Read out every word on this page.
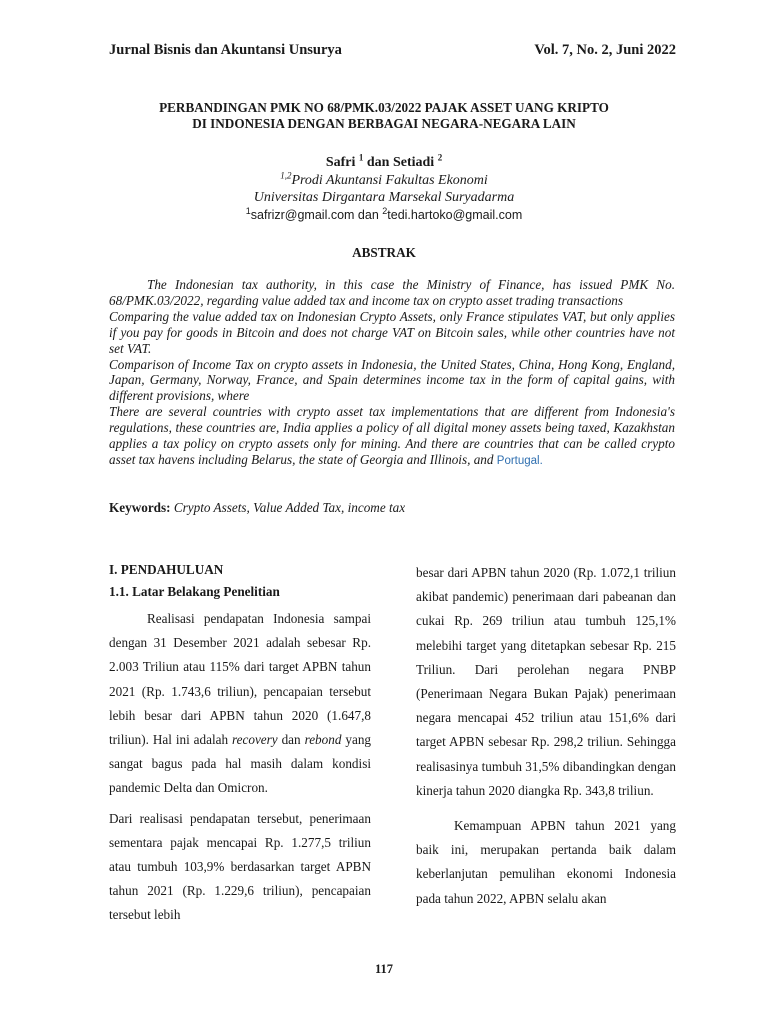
Jurnal Bisnis dan Akuntansi Unsurya	Vol. 7, No. 2, Juni 2022
PERBANDINGAN PMK NO 68/PMK.03/2022 PAJAK ASSET UANG KRIPTO
DI INDONESIA DENGAN BERBAGAI NEGARA-NEGARA LAIN
Safri $^1$ dan Setiadi $^2$
$^{1,2}$Prodi Akuntansi Fakultas Ekonomi
Universitas Dirgantara Marsekal Suryadarma
$^1$safrizr@gmail.com dan $^2$tedi.hartoko@gmail.com
ABSTRAK

The Indonesian tax authority, in this case the Ministry of Finance, has issued PMK No. 68/PMK.03/2022, regarding value added tax and income tax on crypto asset trading transactions

Comparing the value added tax on Indonesian Crypto Assets, only France stipulates VAT, but only applies if you pay for goods in Bitcoin and does not charge VAT on Bitcoin sales, while other countries have not set VAT.

Comparison of Income Tax on crypto assets in Indonesia, the United States, China, Hong Kong, England, Japan, Germany, Norway, France, and Spain determines income tax in the form of capital gains, with different provisions, where

There are several countries with crypto asset tax implementations that are different from Indonesia's regulations, these countries are, India applies a policy of all digital money assets being taxed, Kazakhstan applies a tax policy on crypto assets only for mining. And there are countries that can be called crypto asset tax havens including Belarus, the state of Georgia and Illinois, and Portugal.

Keywords: Crypto Assets, Value Added Tax, income tax
I. PENDAHULUAN
1.1. Latar Belakang Penelitian

Realisasi pendapatan Indonesia sampai dengan 31 Desember 2021 adalah sebesar Rp. 2.003 Triliun atau 115% dari target APBN tahun 2021 (Rp. 1.743,6 triliun), pencapaian tersebut lebih besar dari APBN tahun 2020 (1.647,8 triliun). Hal ini adalah recovery dan rebond yang sangat bagus pada hal masih dalam kondisi pandemic Delta dan Omicron.

Dari realisasi pendapatan tersebut, penerimaan sementara pajak mencapai Rp. 1.277,5 triliun atau tumbuh 103,9% berdasarkan target APBN tahun 2021 (Rp. 1.229,6 triliun), pencapaian tersebut lebih

besar dari APBN tahun 2020 (Rp. 1.072,1 triliun akibat pandemic) penerimaan dari pabeanan dan cukai Rp. 269 triliun atau tumbuh 125,1% melebihi target yang ditetapkan sebesar Rp. 215 Triliun. Dari perolehan negara PNBP (Penerimaan Negara Bukan Pajak) penerimaan negara mencapai 452 triliun atau 151,6% dari target APBN sebesar Rp. 298,2 triliun. Sehingga realisasinya tumbuh 31,5% dibandingkan dengan kinerja tahun 2020 diangka Rp. 343,8 triliun.

Kemampuan APBN tahun 2021 yang baik ini, merupakan pertanda baik dalam keberlanjutan pemulihan ekonomi Indonesia pada tahun 2022, APBN selalu akan

117
